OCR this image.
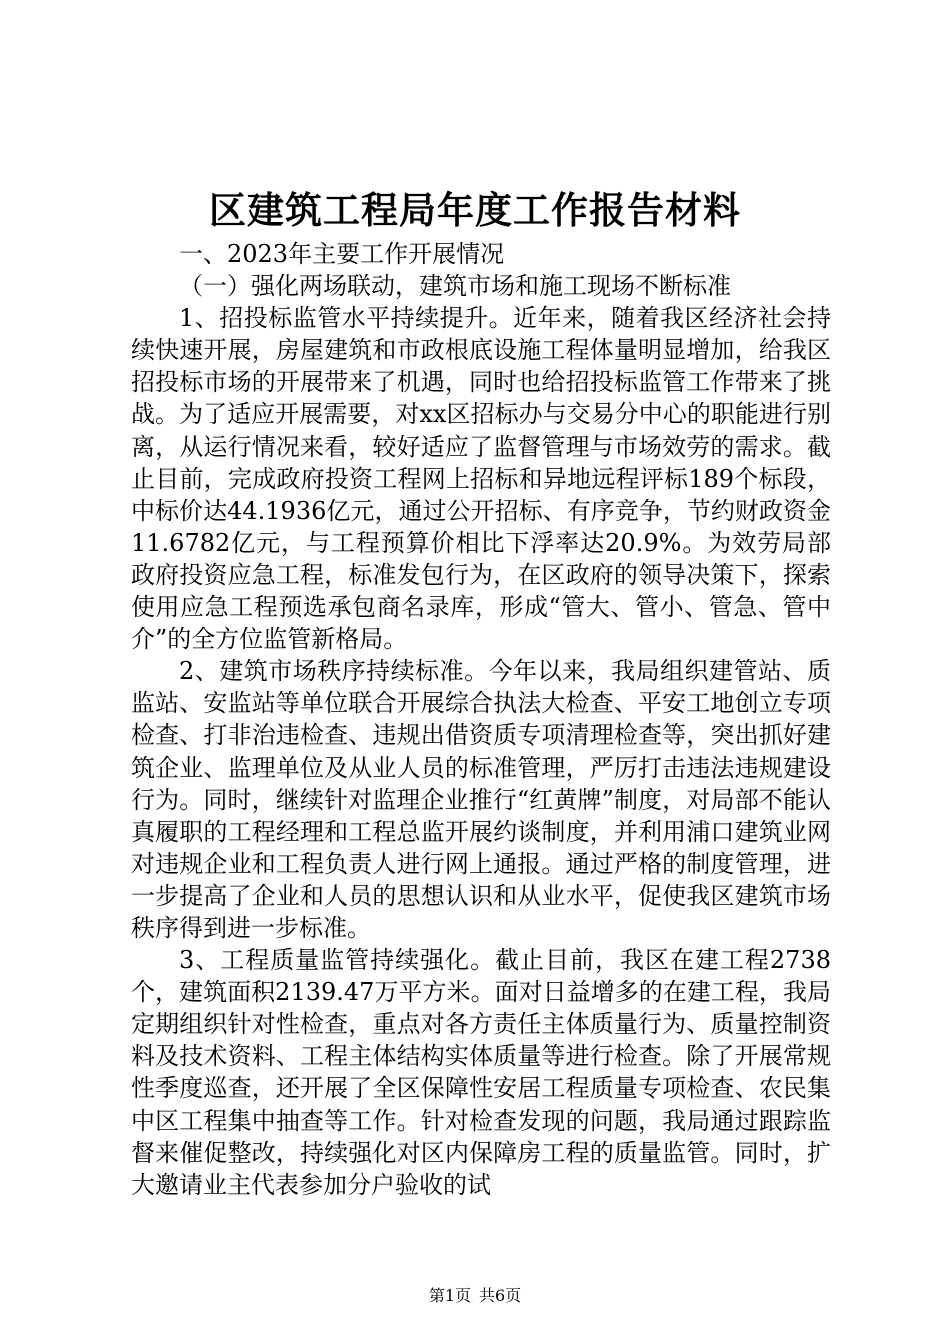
区建筑工程局年度工作报告材料

一、2023年主要工作开展情况

（一）强化两场联动，建筑市场和施工现场不断标准

1、招投标监管水平持续提升。近年来，随着我区经济社会持续快速开展，房屋建筑和市政根底设施工程体量明显增加，给我区招投标市场的开展带来了机遇，同时也给招投标监管工作带来了挑战。为了适应开展需要，对xx区招标办与交易分中心的职能进行别离，从运行情况来看，较好适应了监督管理与市场效劳的需求。截止目前，完成政府投资工程网上招标和异地远程评标189个标段，中标价达44.1936亿元，通过公开招标、有序竞争，节约财政资金11.6782亿元，与工程预算价相比下浮率达20.9%。为效劳局部政府投资应急工程，标准发包行为，在区政府的领导决策下，探索使用应急工程预选承包商名录库，形成“管大、管小、管急、管中介”的全方位监管新格局。

2、建筑市场秩序持续标准。今年以来，我局组织建管站、质监站、安监站等单位联合开展综合执法大检查、平安工地创立专项检查、打非治违检查、违规出借资质专项清理检查等，突出抓好建筑企业、监理单位及从业人员的标准管理，严厉打击违法违规建设行为。同时，继续针对监理企业推行“红黄牌”制度，对局部不能认真履职的工程经理和工程总监开展约谈制度，并利用浦口建筑业网对违规企业和工程负责人进行网上通报。通过严格的制度管理，进一步提高了企业和人员的思想认识和从业水平，促使我区建筑市场秩序得到进一步标准。

3、工程质量监管持续强化。截止目前，我区在建工程2738个，建筑面积2139.47万平方米。面对日益增多的在建工程，我局定期组织针对性检查，重点对各方责任主体质量行为、质量控制资料及技术资料、工程主体结构实体质量等进行检查。除了开展常规性季度巡查，还开展了全区保障性安居工程质量专项检查、农民集中区工程集中抽查等工作。针对检查发现的问题，我局通过跟踪监督来催促整改，持续强化对区内保障房工程的质量监管。同时，扩大邀请业主代表参加分户验收的试

第1页 共6页
